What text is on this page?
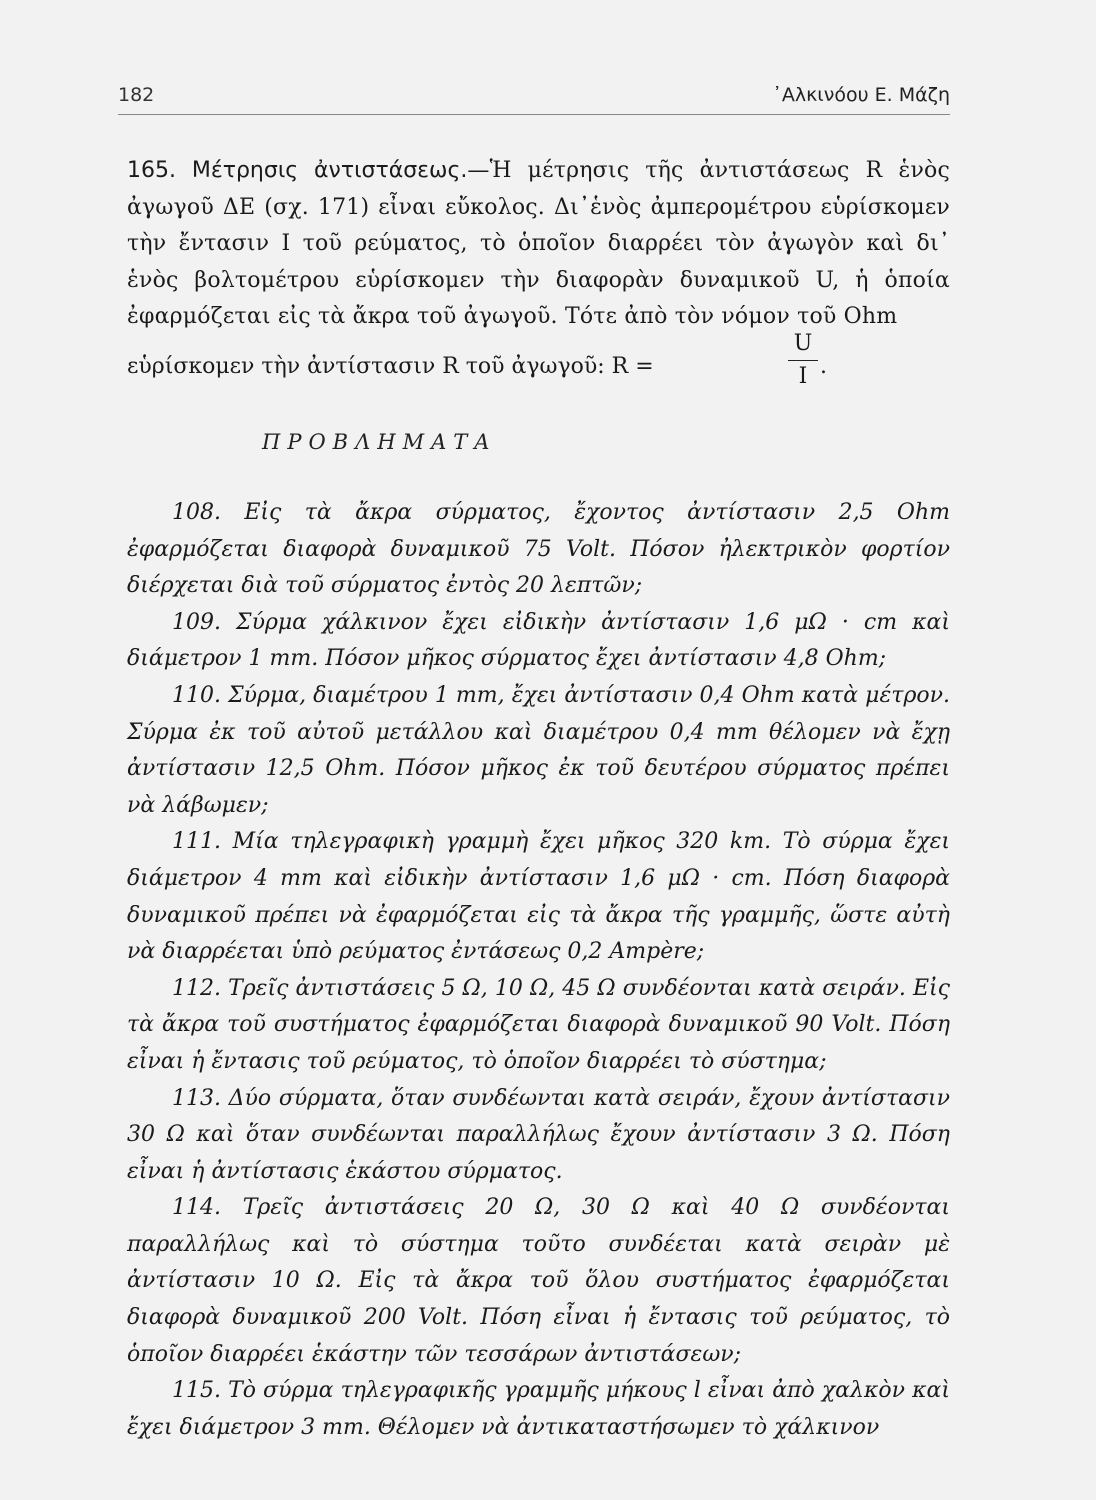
182	᾿Αλκινόου Ε. Μάζη
165. Μέτρησις ἀντιστάσεως.—Ἡ μέτρησις τῆς ἀντιστάσεως R ἑνὸς ἀγωγοῦ ΔΕ (σχ. 171) εἶναι εὔκολος. Δι᾿ἑνὸς ἀμπερομέτρου εὑρίσκομεν τὴν ἔντασιν I τοῦ ρεύματος, τὸ ὁποῖον διαρρέει τὸν ἀγωγὸν καὶ δι᾿ ἑνὸς βολτομέτρου εὑρίσκομεν τὴν διαφορὰν δυναμικοῦ U, ἡ ὁποία ἐφαρμόζεται εἰς τὰ ἄκρα τοῦ ἀγωγοῦ. Τότε ἀπὸ τὸν νόμον τοῦ Ohm
εὑρίσκομεν τὴν ἀντίστασιν R τοῦ ἀγωγοῦ: R =
U
I .
ΠΡΟΒΛΗΜΑΤΑ

108. Εἰς τὰ ἄκρα σύρματος, ἔχοντος ἀντίστασιν 2,5 Ohm ἐφαρμόζεται διαφορὰ δυναμικοῦ 75 Volt. Πόσον ἠλεκτρικὸν φορτίον διέρχεται διὰ τοῦ σύρματος ἐντὸς 20 λεπτῶν;

109. Σύρμα χάλκινον ἔχει εἰδικὴν ἀντίστασιν 1,6 μΩ · cm καὶ διάμετρον 1 mm. Πόσον μῆκος σύρματος ἔχει ἀντίστασιν 4,8 Ohm;

110. Σύρμα, διαμέτρου 1 mm, ἔχει ἀντίστασιν 0,4 Ohm κατὰ μέτρον. Σύρμα ἐκ τοῦ αὐτοῦ μετάλλου καὶ διαμέτρου 0,4 mm θέλομεν νὰ ἔχῃ ἀντίστασιν 12,5 Ohm. Πόσον μῆκος ἐκ τοῦ δευτέρου σύρματος πρέπει νὰ λάβωμεν;

111. Μία τηλεγραφικὴ γραμμὴ ἔχει μῆκος 320 km. Τὸ σύρμα ἔχει διάμετρον 4 mm καὶ εἰδικὴν ἀντίστασιν 1,6 μΩ · cm. Πόση διαφορὰ δυναμικοῦ πρέπει νὰ ἐφαρμόζεται εἰς τὰ ἄκρα τῆς γραμμῆς, ὥστε αὐτὴ νὰ διαρρέεται ὑπὸ ρεύματος ἐντάσεως 0,2 Ampère;

112. Τρεῖς ἀντιστάσεις 5 Ω, 10 Ω, 45 Ω συνδέονται κατὰ σειράν. Εἰς τὰ ἄκρα τοῦ συστήματος ἐφαρμόζεται διαφορὰ δυναμικοῦ 90 Volt. Πόση εἶναι ἡ ἔντασις τοῦ ρεύματος, τὸ ὁποῖον διαρρέει τὸ σύστημα;

113. Δύο σύρματα, ὅταν συνδέωνται κατὰ σειράν, ἔχουν ἀντίστασιν 30 Ω καὶ ὅταν συνδέωνται παραλλήλως ἔχουν ἀντίστασιν 3 Ω. Πόση εἶναι ἡ ἀντίστασις ἑκάστου σύρματος.

114. Τρεῖς ἀντιστάσεις 20 Ω, 30 Ω καὶ 40 Ω συνδέονται παραλλήλως καὶ τὸ σύστημα τοῦτο συνδέεται κατὰ σειρὰν μὲ ἀντίστασιν 10 Ω. Εἰς τὰ ἄκρα τοῦ ὅλου συστήματος ἐφαρμόζεται διαφορὰ δυναμικοῦ 200 Volt. Πόση εἶναι ἡ ἔντασις τοῦ ρεύματος, τὸ ὁποῖον διαρρέει ἑκάστην τῶν τεσσάρων ἀντιστάσεων;

115. Τὸ σύρμα τηλεγραφικῆς γραμμῆς μήκους l εἶναι ἀπὸ χαλκὸν καὶ ἔχει διάμετρον 3 mm. Θέλομεν νὰ ἀντικαταστήσωμεν τὸ χάλκινον
